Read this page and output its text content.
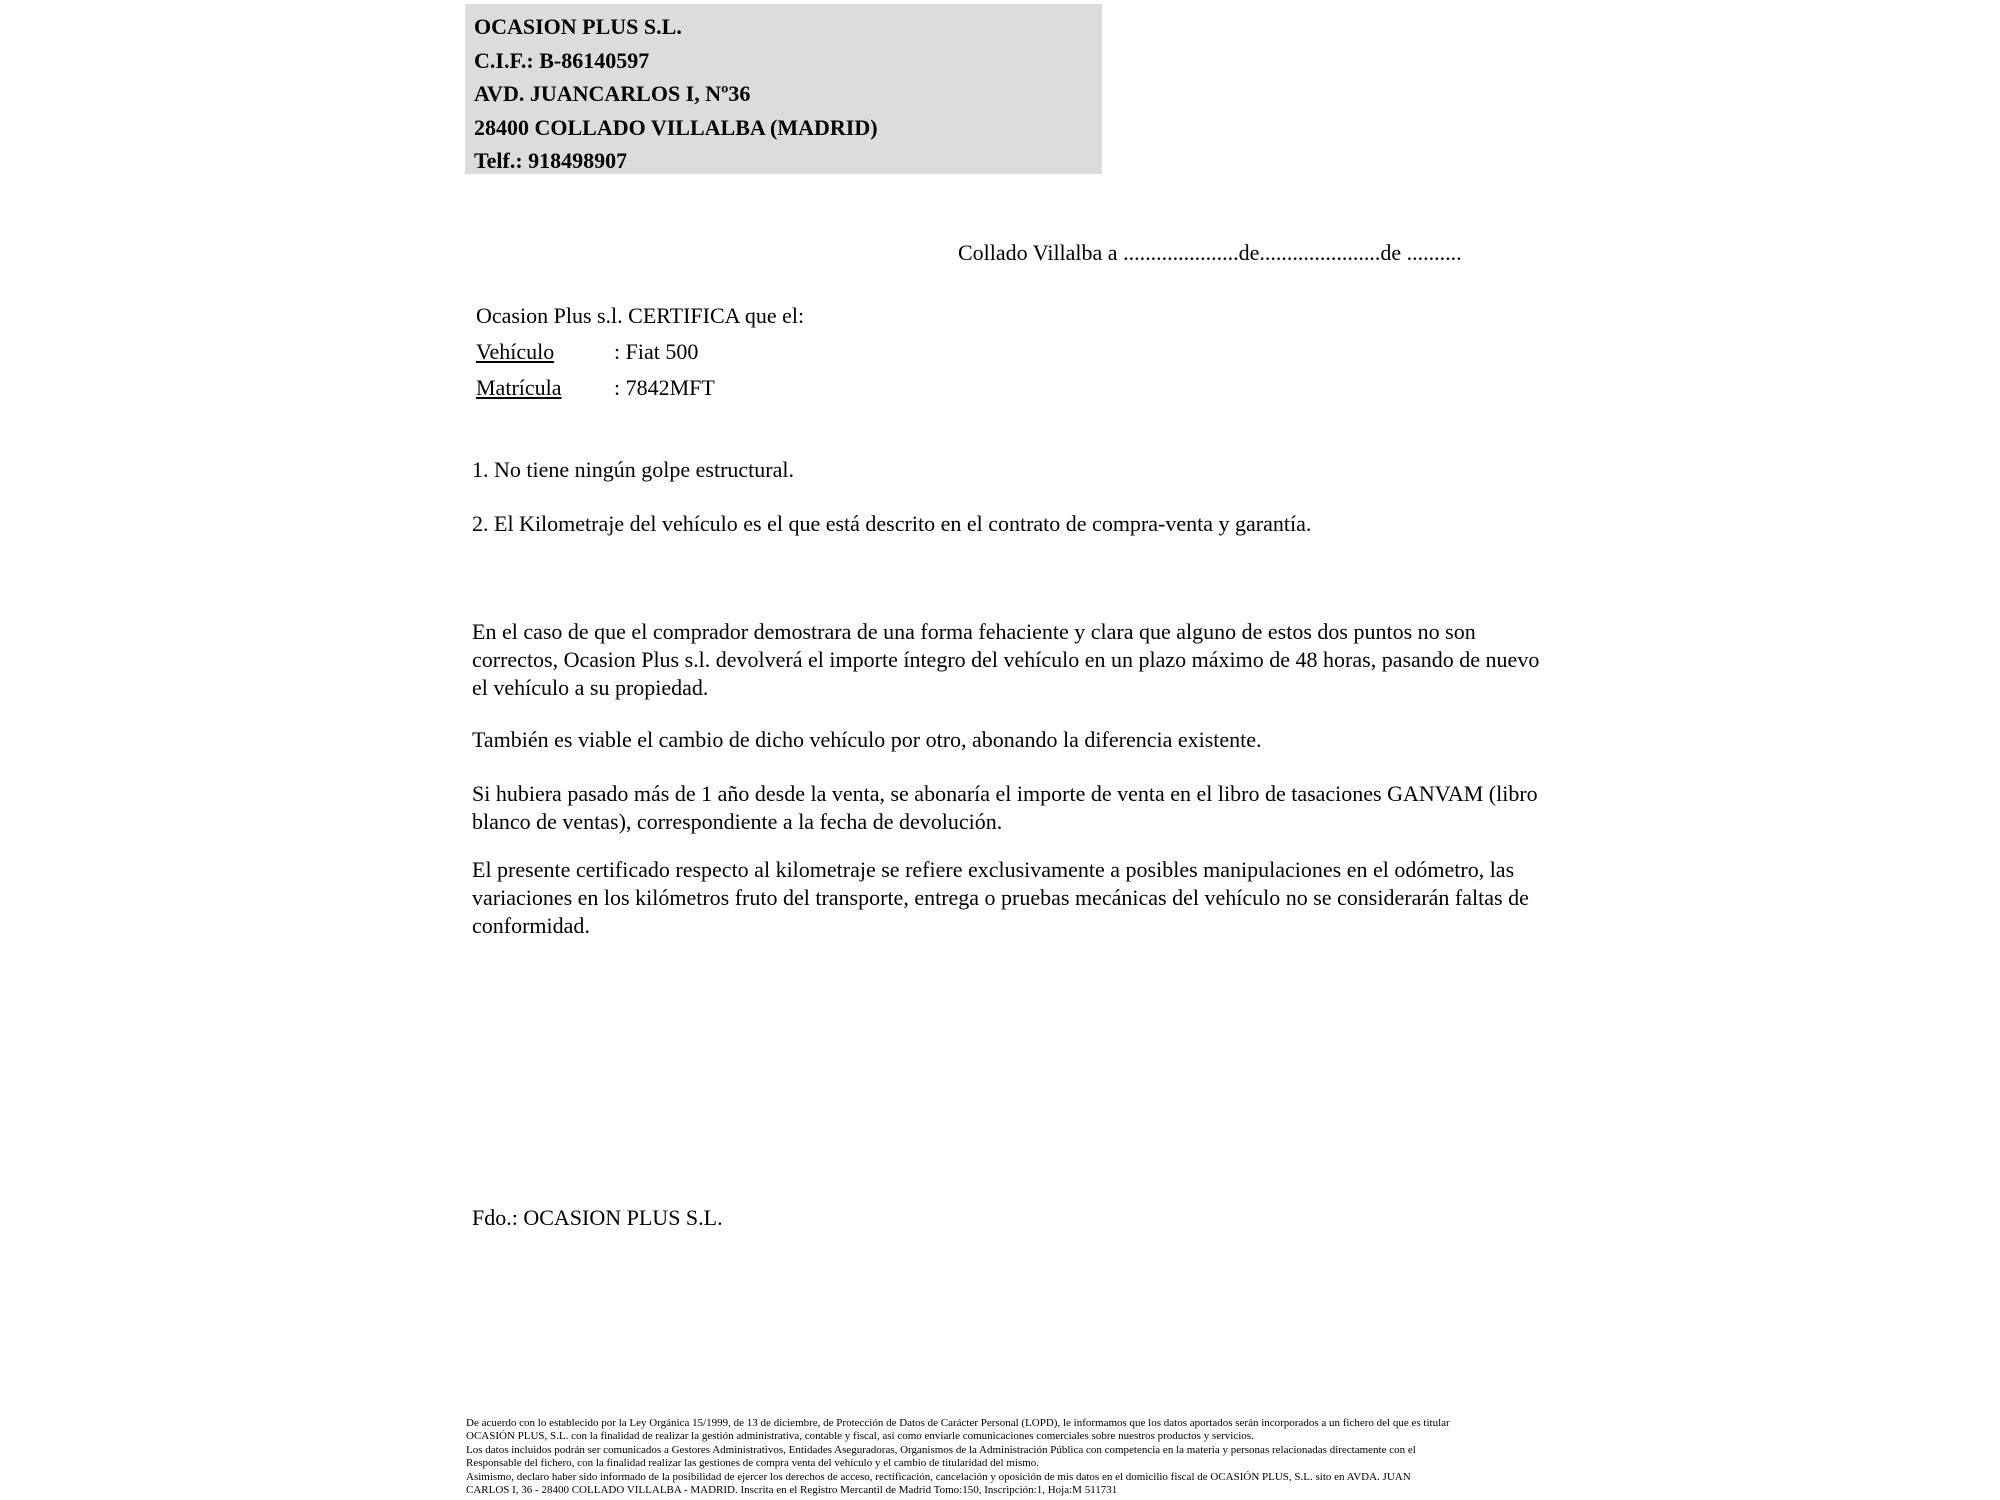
OCASION PLUS S.L.
C.I.F.: B-86140597
AVD. JUANCARLOS I, Nº36
28400 COLLADO VILLALBA (MADRID)
Telf.: 918498907
Collado Villalba a .....................de......................de ..........
Ocasion Plus s.l. CERTIFICA que el:
Vehículo	: Fiat 500
Matrícula : 7842MFT
1. No tiene ningún golpe estructural.
2. El Kilometraje del vehículo es el que está descrito en el contrato de compra-venta y garantía.
En el caso de que el comprador demostrara de una forma fehaciente y clara que alguno de estos dos puntos no son correctos, Ocasion Plus s.l. devolverá el importe íntegro del vehículo en un plazo máximo de 48 horas, pasando de nuevo el vehículo a su propiedad.
También es viable el cambio de dicho vehículo por otro, abonando la diferencia existente.
Si hubiera pasado más de 1 año desde la venta, se abonaría el importe de venta en el libro de tasaciones GANVAM (libro blanco de ventas), correspondiente a la fecha de devolución.
El presente certificado respecto al kilometraje se refiere exclusivamente a posibles manipulaciones en el odómetro, las variaciones en los kilómetros fruto del transporte, entrega o pruebas mecánicas del vehículo no se considerarán faltas de conformidad.
Fdo.: OCASION PLUS S.L.
De acuerdo con lo establecido por la Ley Orgánica 15/1999, de 13 de diciembre, de Protección de Datos de Carácter Personal (LOPD), le informamos que los datos aportados serán incorporados a un fichero del que es titular
OCASIÓN PLUS, S.L. con la finalidad de realizar la gestión administrativa, contable y fiscal, así como enviarle comunicaciones comerciales sobre nuestros productos y servicios.
Los datos incluidos podrán ser comunicados a Gestores Administrativos, Entidades Aseguradoras, Organismos de la Administración Pública con competencia en la materia y personas relacionadas directamente con el
Responsable del fichero, con la finalidad realizar las gestiones de compra venta del vehículo y el cambio de titularidad del mismo.
Asimismo, declaro haber sido informado de la posibilidad de ejercer los derechos de acceso, rectificación, cancelación y oposición de mis datos en el domicilio fiscal de OCASIÓN PLUS, S.L. sito en AVDA. JUAN
CARLOS I, 36 - 28400 COLLADO VILLALBA - MADRID. Inscrita en el Registro Mercantil de Madrid Tomo:150, Inscripción:1, Hoja:M 511731
